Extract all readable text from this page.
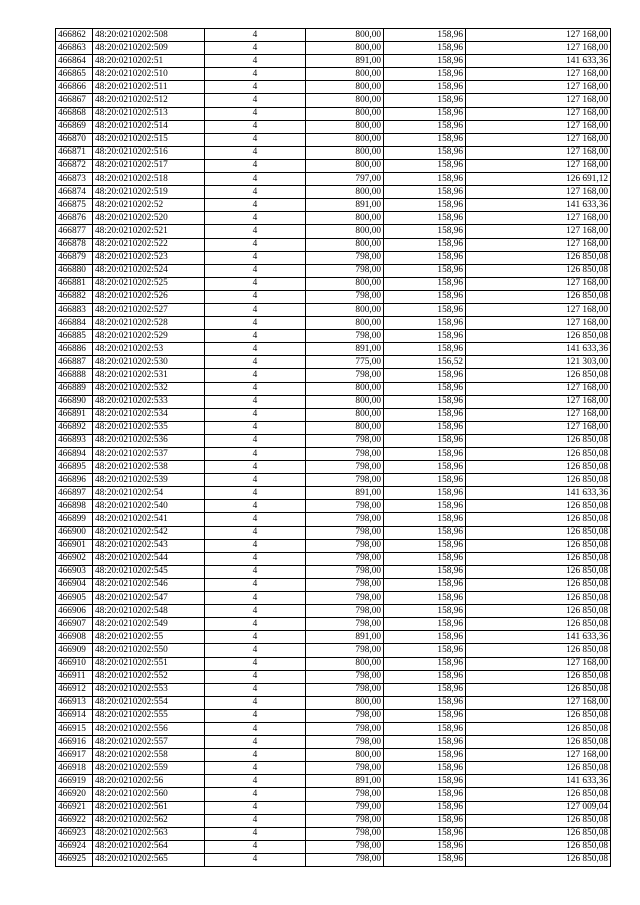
466862	48:20:0210202:508	4	800,00	158,96	127 168,00
466863	48:20:0210202:509	4	800,00	158,96	127 168,00
466864	48:20:0210202:51	4	891,00	158,96	141 633,36
466865	48:20:0210202:510	4	800,00	158,96	127 168,00
466866	48:20:0210202:511	4	800,00	158,96	127 168,00
466867	48:20:0210202:512	4	800,00	158,96	127 168,00
466868	48:20:0210202:513	4	800,00	158,96	127 168,00
466869	48:20:0210202:514	4	800,00	158,96	127 168,00
466870	48:20:0210202:515	4	800,00	158,96	127 168,00
466871	48:20:0210202:516	4	800,00	158,96	127 168,00
466872	48:20:0210202:517	4	800,00	158,96	127 168,00
466873	48:20:0210202:518	4	797,00	158,96	126 691,12
466874	48:20:0210202:519	4	800,00	158,96	127 168,00
466875	48:20:0210202:52	4	891,00	158,96	141 633,36
466876	48:20:0210202:520	4	800,00	158,96	127 168,00
466877	48:20:0210202:521	4	800,00	158,96	127 168,00
466878	48:20:0210202:522	4	800,00	158,96	127 168,00
466879	48:20:0210202:523	4	798,00	158,96	126 850,08
466880	48:20:0210202:524	4	798,00	158,96	126 850,08
466881	48:20:0210202:525	4	800,00	158,96	127 168,00
466882	48:20:0210202:526	4	798,00	158,96	126 850,08
466883	48:20:0210202:527	4	800,00	158,96	127 168,00
466884	48:20:0210202:528	4	800,00	158,96	127 168,00
466885	48:20:0210202:529	4	798,00	158,96	126 850,08
466886	48:20:0210202:53	4	891,00	158,96	141 633,36
466887	48:20:0210202:530	4	775,00	156,52	121 303,00
466888	48:20:0210202:531	4	798,00	158,96	126 850,08
466889	48:20:0210202:532	4	800,00	158,96	127 168,00
466890	48:20:0210202:533	4	800,00	158,96	127 168,00
466891	48:20:0210202:534	4	800,00	158,96	127 168,00
466892	48:20:0210202:535	4	800,00	158,96	127 168,00
466893	48:20:0210202:536	4	798,00	158,96	126 850,08
466894	48:20:0210202:537	4	798,00	158,96	126 850,08
466895	48:20:0210202:538	4	798,00	158,96	126 850,08
466896	48:20:0210202:539	4	798,00	158,96	126 850,08
466897	48:20:0210202:54	4	891,00	158,96	141 633,36
466898	48:20:0210202:540	4	798,00	158,96	126 850,08
466899	48:20:0210202:541	4	798,00	158,96	126 850,08
466900	48:20:0210202:542	4	798,00	158,96	126 850,08
466901	48:20:0210202:543	4	798,00	158,96	126 850,08
466902	48:20:0210202:544	4	798,00	158,96	126 850,08
466903	48:20:0210202:545	4	798,00	158,96	126 850,08
466904	48:20:0210202:546	4	798,00	158,96	126 850,08
466905	48:20:0210202:547	4	798,00	158,96	126 850,08
466906	48:20:0210202:548	4	798,00	158,96	126 850,08
466907	48:20:0210202:549	4	798,00	158,96	126 850,08
466908	48:20:0210202:55	4	891,00	158,96	141 633,36
466909	48:20:0210202:550	4	798,00	158,96	126 850,08
466910	48:20:0210202:551	4	800,00	158,96	127 168,00
466911	48:20:0210202:552	4	798,00	158,96	126 850,08
466912	48:20:0210202:553	4	798,00	158,96	126 850,08
466913	48:20:0210202:554	4	800,00	158,96	127 168,00
466914	48:20:0210202:555	4	798,00	158,96	126 850,08
466915	48:20:0210202:556	4	798,00	158,96	126 850,08
466916	48:20:0210202:557	4	798,00	158,96	126 850,08
466917	48:20:0210202:558	4	800,00	158,96	127 168,00
466918	48:20:0210202:559	4	798,00	158,96	126 850,08
466919	48:20:0210202:56	4	891,00	158,96	141 633,36
466920	48:20:0210202:560	4	798,00	158,96	126 850,08
466921	48:20:0210202:561	4	799,00	158,96	127 009,04
466922	48:20:0210202:562	4	798,00	158,96	126 850,08
466923	48:20:0210202:563	4	798,00	158,96	126 850,08
466924	48:20:0210202:564	4	798,00	158,96	126 850,08
466925	48:20:0210202:565	4	798,00	158,96	126 850,08
